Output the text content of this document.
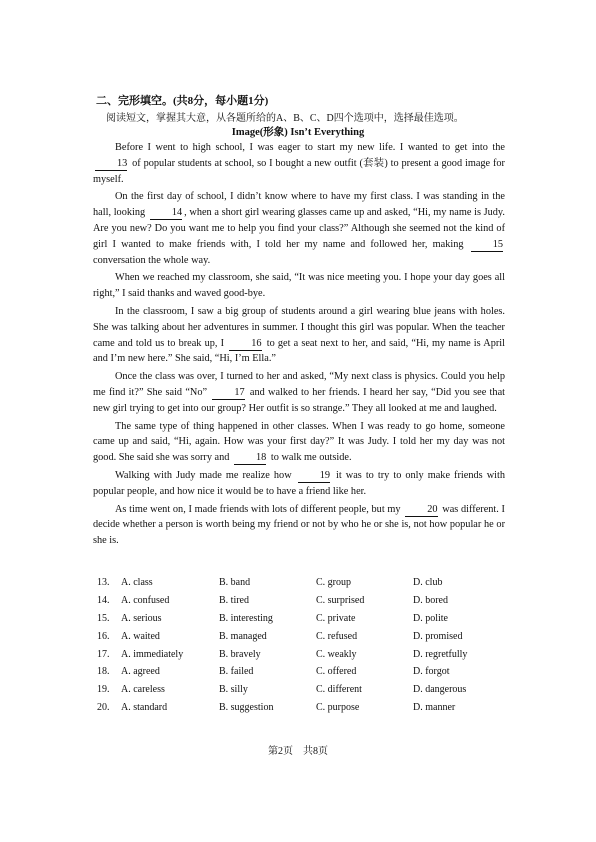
二、完形填空。(共8分，每小题1分)
阅读短文，掌握其大意，从各题所给的A、B、C、D四个选项中，选择最佳选项。
Image(形象) Isn’t Everything

Before I went to high school, I was eager to start my new life. I wanted to get into the 13 of popular students at school, so I bought a new outfit (套装) to present a good image for myself.

On the first day of school, I didn’t know where to have my first class. I was standing in the hall, looking 14 , when a short girl wearing glasses came up and asked, “Hi, my name is Judy. Are you new? Do you want me to help you find your class?” Although she seemed not the kind of girl I wanted to make friends with, I told her my name and followed her, making 15 conversation the whole way.

When we reached my classroom, she said, “It was nice meeting you. I hope your day goes all right,” I said thanks and waved good-bye.

In the classroom, I saw a big group of students around a girl wearing blue jeans with holes. She was talking about her adventures in summer. I thought this girl was popular. When the teacher came and told us to break up, I 16 to get a seat next to her, and said, “Hi, my name is April and I’m new here.” She said, “Hi, I’m Ella.”

Once the class was over, I turned to her and asked, “My next class is physics. Could you help me find it?” She said “No” 17 and walked to her friends. I heard her say, “Did you see that new girl trying to get into our group? Her outfit is so strange.” They all looked at me and laughed.

The same type of thing happened in other classes. When I was ready to go home, someone came up and said, “Hi, again. How was your first day?” It was Judy. I told her my day was not good. She said she was sorry and 18 to walk me outside.

Walking with Judy made me realize how 19 it was to try to only make friends with popular people, and how nice it would be to have a friend like her.

As time went on, I made friends with lots of different people, but my 20 was different. I decide whether a person is worth being my friend or not by who he or she is, not how popular he or she is.

13.	A. class	B. band	C. group	D. club
14.	A. confused	B. tired	C. surprised	D. bored
15.	A. serious	B. interesting	C. private	D. polite
16.	A. waited	B. managed	C. refused	D. promised
17.	A. immediately	B. bravely	C. weakly	D. regretfully
18.	A. agreed	B. failed	C. offered	D. forgot
19.	A. careless	B. silly	C. different	D. dangerous
20.	A. standard	B. suggestion	C. purpose	D. manner
第2页　共8页
